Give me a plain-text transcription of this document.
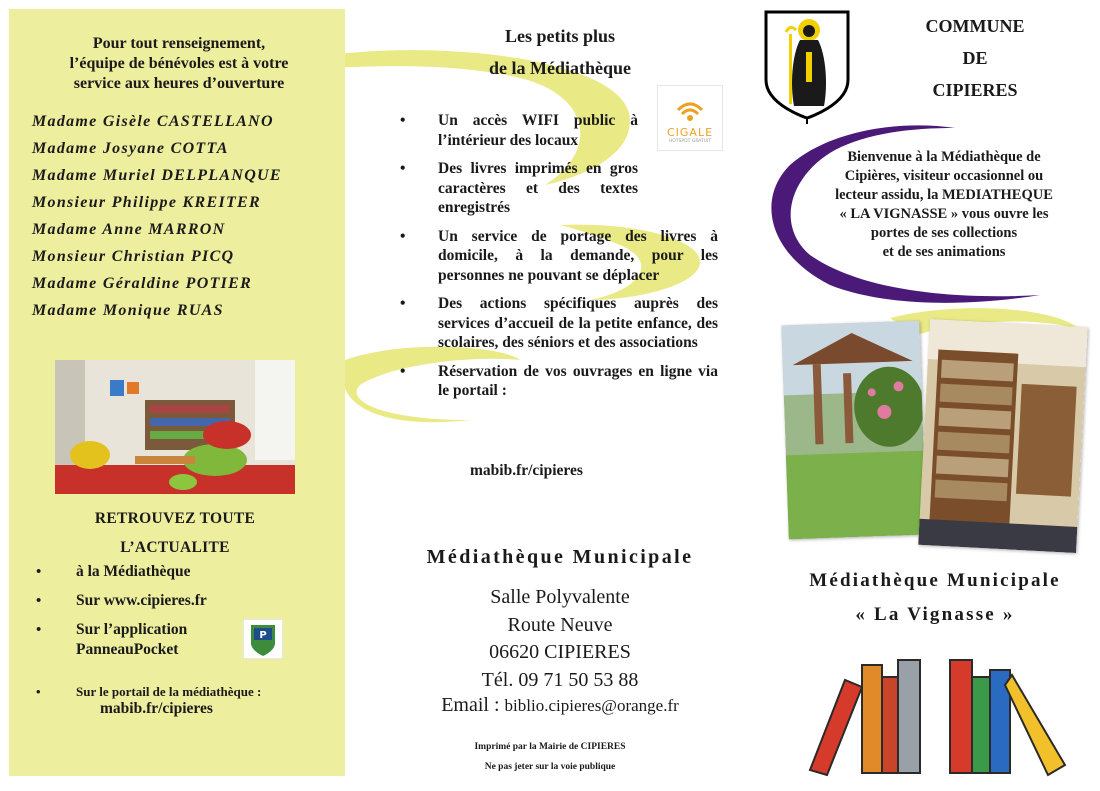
Pour tout renseignement,
l’équipe de bénévoles est à votre
service aux heures d’ouverture
Madame Gisèle CASTELLANO
Madame Josyane COTTA
Madame Muriel DELPLANQUE
Monsieur Philippe KREITER
Madame Anne MARRON
Monsieur Christian PICQ
Madame Géraldine POTIER
Madame Monique RUAS
RETROUVEZ TOUTE
L’ACTUALITE
• à la Médiathèque
• Sur www.cipieres.fr
• Sur l’application PanneauPocket
P
•	Sur le portail de la médiathèque :
mabib.fr/cipieres
Les petits plus
de la Médiathèque
CIGALE
HOTSPOT GRATUIT
• Un accès WIFI public à l’intérieur des locaux
• Des livres imprimés en gros caractères et des textes enregistrés
• Un service de portage des livres à domicile, à la demande, pour les personnes ne pouvant se déplacer
• Des actions spécifiques auprès des services d’accueil de la petite enfance, des scolaires, des séniors et des associations
• Réservation de vos ouvrages en ligne via le portail :
mabib.fr/cipieres
Médiathèque Municipale
Salle Polyvalente
Route Neuve
06620 CIPIERES
Tél. 09 71 50 53 88
Email : biblio.cipieres@orange.fr
Imprimé par la Mairie de CIPIERES
Ne pas jeter sur la voie publique
COMMUNE
DE
CIPIERES
Bienvenue à la Médiathèque de
Cipières, visiteur occasionnel ou
lecteur assidu, la MEDIATHEQUE
« LA VIGNASSE » vous ouvre les
portes de ses collections
et de ses animations
Médiathèque Municipale
« La Vignasse »
